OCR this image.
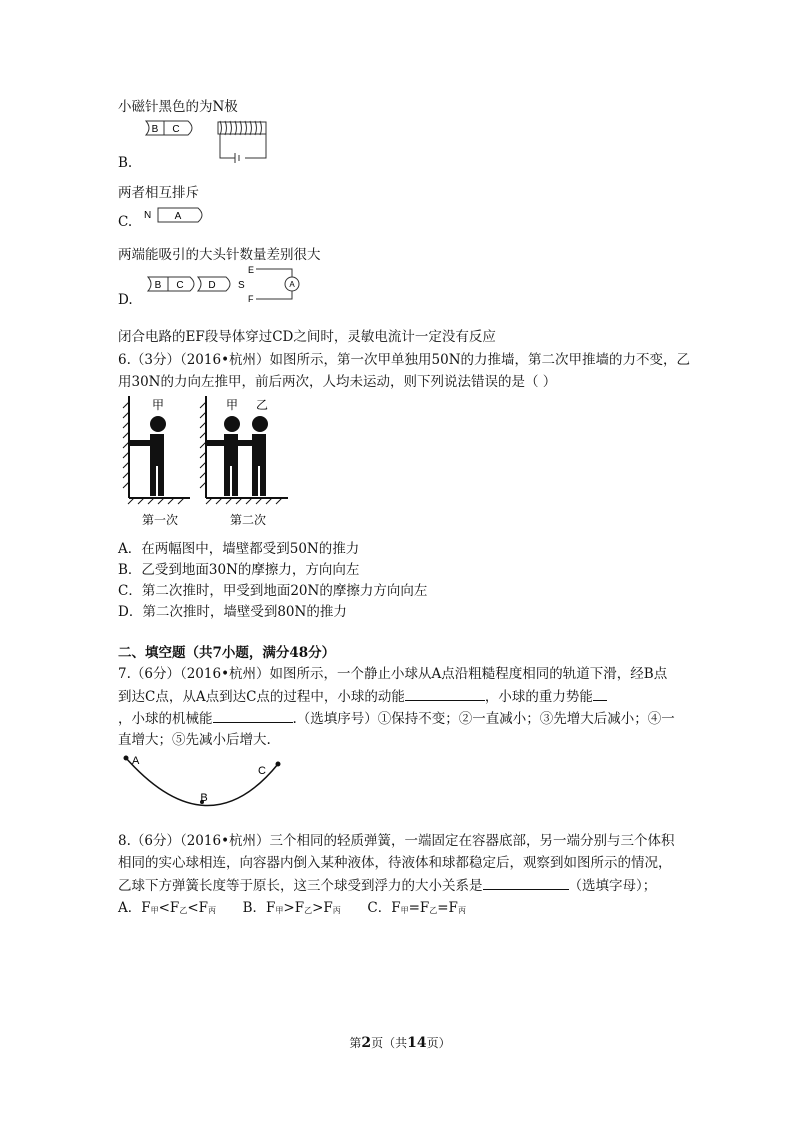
小磁针黑色的为N极
B C
B.
两者相互排斥
N A
C.
两端能吸引的大头针数量差别很大
B C D S
E
F
A
D.
闭合电路的EF段导体穿过CD之间时，灵敏电流计一定没有反应
6.（3分）（2016•杭州）如图所示，第一次甲单独用50N的力推墙，第二次甲推墙的力不变，乙
用30N的力向左推甲，前后两次，人均未运动，则下列说法错误的是（ ）
甲	甲 乙
第一次	第二次
A．在两幅图中，墙壁都受到50N的推力
B．乙受到地面30N的摩擦力，方向向左
C．第二次推时，甲受到地面20N的摩擦力方向向左
D．第二次推时，墙壁受到80N的推力
二、填空题（共7小题，满分48分）
7.（6分）（2016•杭州）如图所示，一个静止小球从A点沿粗糙程度相同的轨道下滑，经B点
到达C点，从A点到达C点的过程中，小球的动能	，小球的重力势能
，小球的机械能	.（选填序号）①保持不变；②一直减小；③先增大后减小；④一
直增大；⑤先减小后增大.
A
C
B
8.（6分）（2016•杭州）三个相同的轻质弹簧，一端固定在容器底部，另一端分别与三个体积
相同的实心球相连，向容器内倒入某种液体，待液体和球都稳定后，观察到如图所示的情况，
乙球下方弹簧长度等于原长，这三个球受到浮力的大小关系是	（选填字母）；
A．F甲<F乙<F丙 B．F甲>F乙>F丙 C．F甲=F乙=F丙
第2页（共14页）
